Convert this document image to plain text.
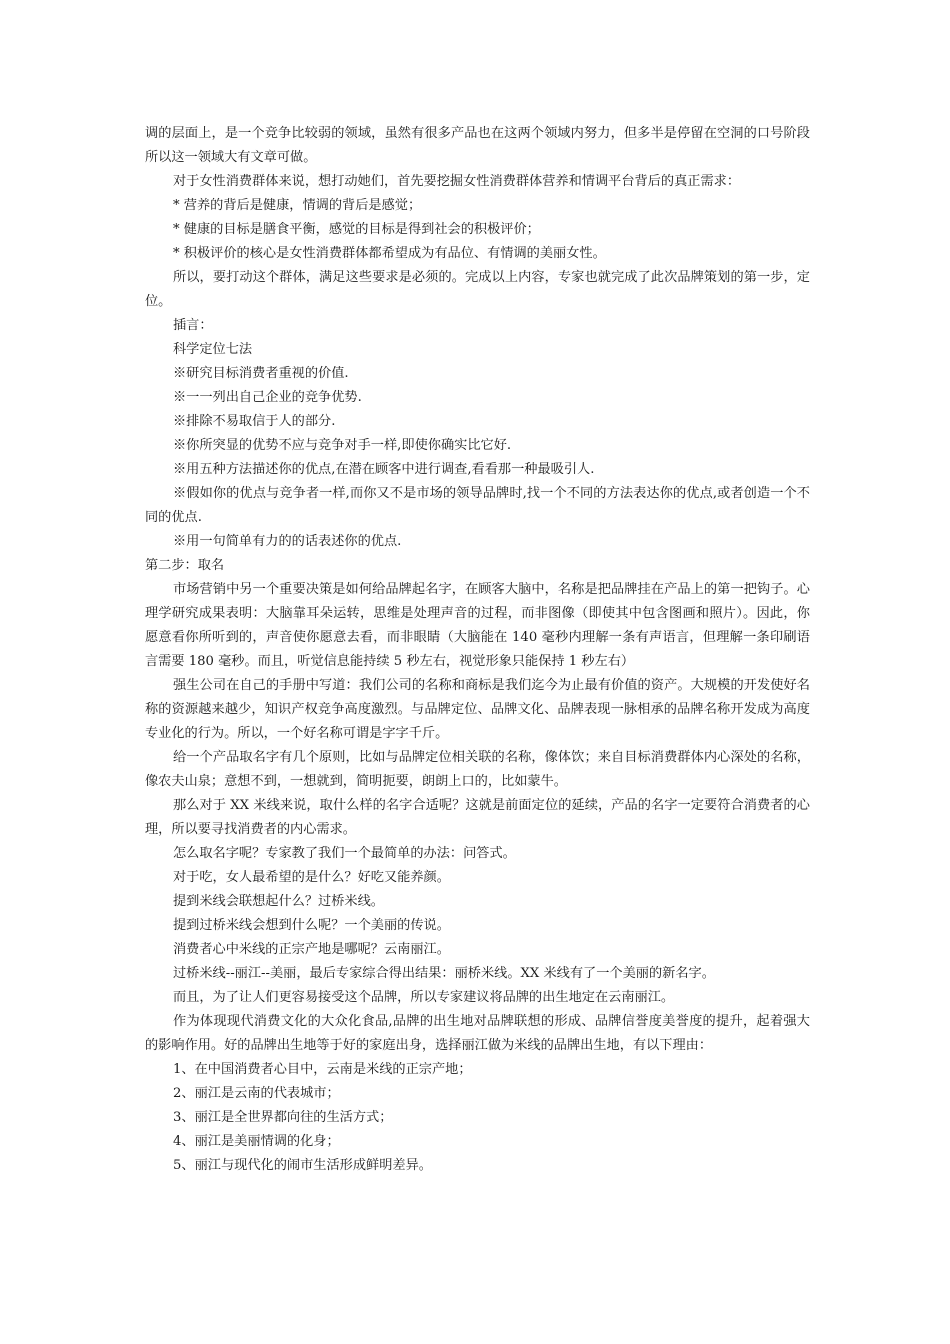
调的层面上，是一个竞争比较弱的领域，虽然有很多产品也在这两个领域内努力，但多半是停留在空洞的口号阶段所以这一领域大有文章可做。

对于女性消费群体来说，想打动她们，首先要挖掘女性消费群体营养和情调平台背后的真正需求：

* 营养的背后是健康，情调的背后是感觉；

* 健康的目标是膳食平衡，感觉的目标是得到社会的积极评价；

* 积极评价的核心是女性消费群体都希望成为有品位、有情调的美丽女性。

所以，要打动这个群体，满足这些要求是必须的。完成以上内容，专家也就完成了此次品牌策划的第一步，定位。

插言：

科学定位七法

※研究目标消费者重视的价值.

※一一列出自己企业的竞争优势.

※排除不易取信于人的部分.

※你所突显的优势不应与竞争对手一样,即使你确实比它好.

※用五种方法描述你的优点,在潜在顾客中进行调查,看看那一种最吸引人.

※假如你的优点与竞争者一样,而你又不是市场的领导品牌时,找一个不同的方法表达你的优点,或者创造一个不同的优点.

※用一句简单有力的的话表述你的优点.

第二步：取名

市场营销中另一个重要决策是如何给品牌起名字，在顾客大脑中，名称是把品牌挂在产品上的第一把钩子。心理学研究成果表明：大脑靠耳朵运转，思维是处理声音的过程，而非图像（即使其中包含图画和照片）。因此，你愿意看你所听到的，声音使你愿意去看，而非眼睛（大脑能在 140 毫秒内理解一条有声语言，但理解一条印刷语言需要 180 毫秒。而且，听觉信息能持续 5 秒左右，视觉形象只能保持 1 秒左右）

强生公司在自己的手册中写道：我们公司的名称和商标是我们迄今为止最有价值的资产。大规模的开发使好名称的资源越来越少，知识产权竞争高度激烈。与品牌定位、品牌文化、品牌表现一脉相承的品牌名称开发成为高度专业化的行为。所以，一个好名称可谓是字字千斤。

给一个产品取名字有几个原则，比如与品牌定位相关联的名称，像体饮；来自目标消费群体内心深处的名称，像农夫山泉；意想不到，一想就到，简明扼要，朗朗上口的，比如蒙牛。

那么对于 XX 米线来说，取什么样的名字合适呢？这就是前面定位的延续，产品的名字一定要符合消费者的心理，所以要寻找消费者的内心需求。

怎么取名字呢？专家教了我们一个最简单的办法：问答式。

对于吃，女人最希望的是什么？好吃又能养颜。

提到米线会联想起什么？过桥米线。

提到过桥米线会想到什么呢？一个美丽的传说。

消费者心中米线的正宗产地是哪呢？云南丽江。

过桥米线--丽江--美丽，最后专家综合得出结果：丽桥米线。XX 米线有了一个美丽的新名字。

而且，为了让人们更容易接受这个品牌，所以专家建议将品牌的出生地定在云南丽江。

作为体现现代消费文化的大众化食品,品牌的出生地对品牌联想的形成、品牌信誉度美誉度的提升，起着强大的影响作用。好的品牌出生地等于好的家庭出身，选择丽江做为米线的品牌出生地，有以下理由：

1、在中国消费者心目中，云南是米线的正宗产地；

2、丽江是云南的代表城市；

3、丽江是全世界都向往的生活方式；

4、丽江是美丽情调的化身；

5、丽江与现代化的闹市生活形成鲜明差异。
